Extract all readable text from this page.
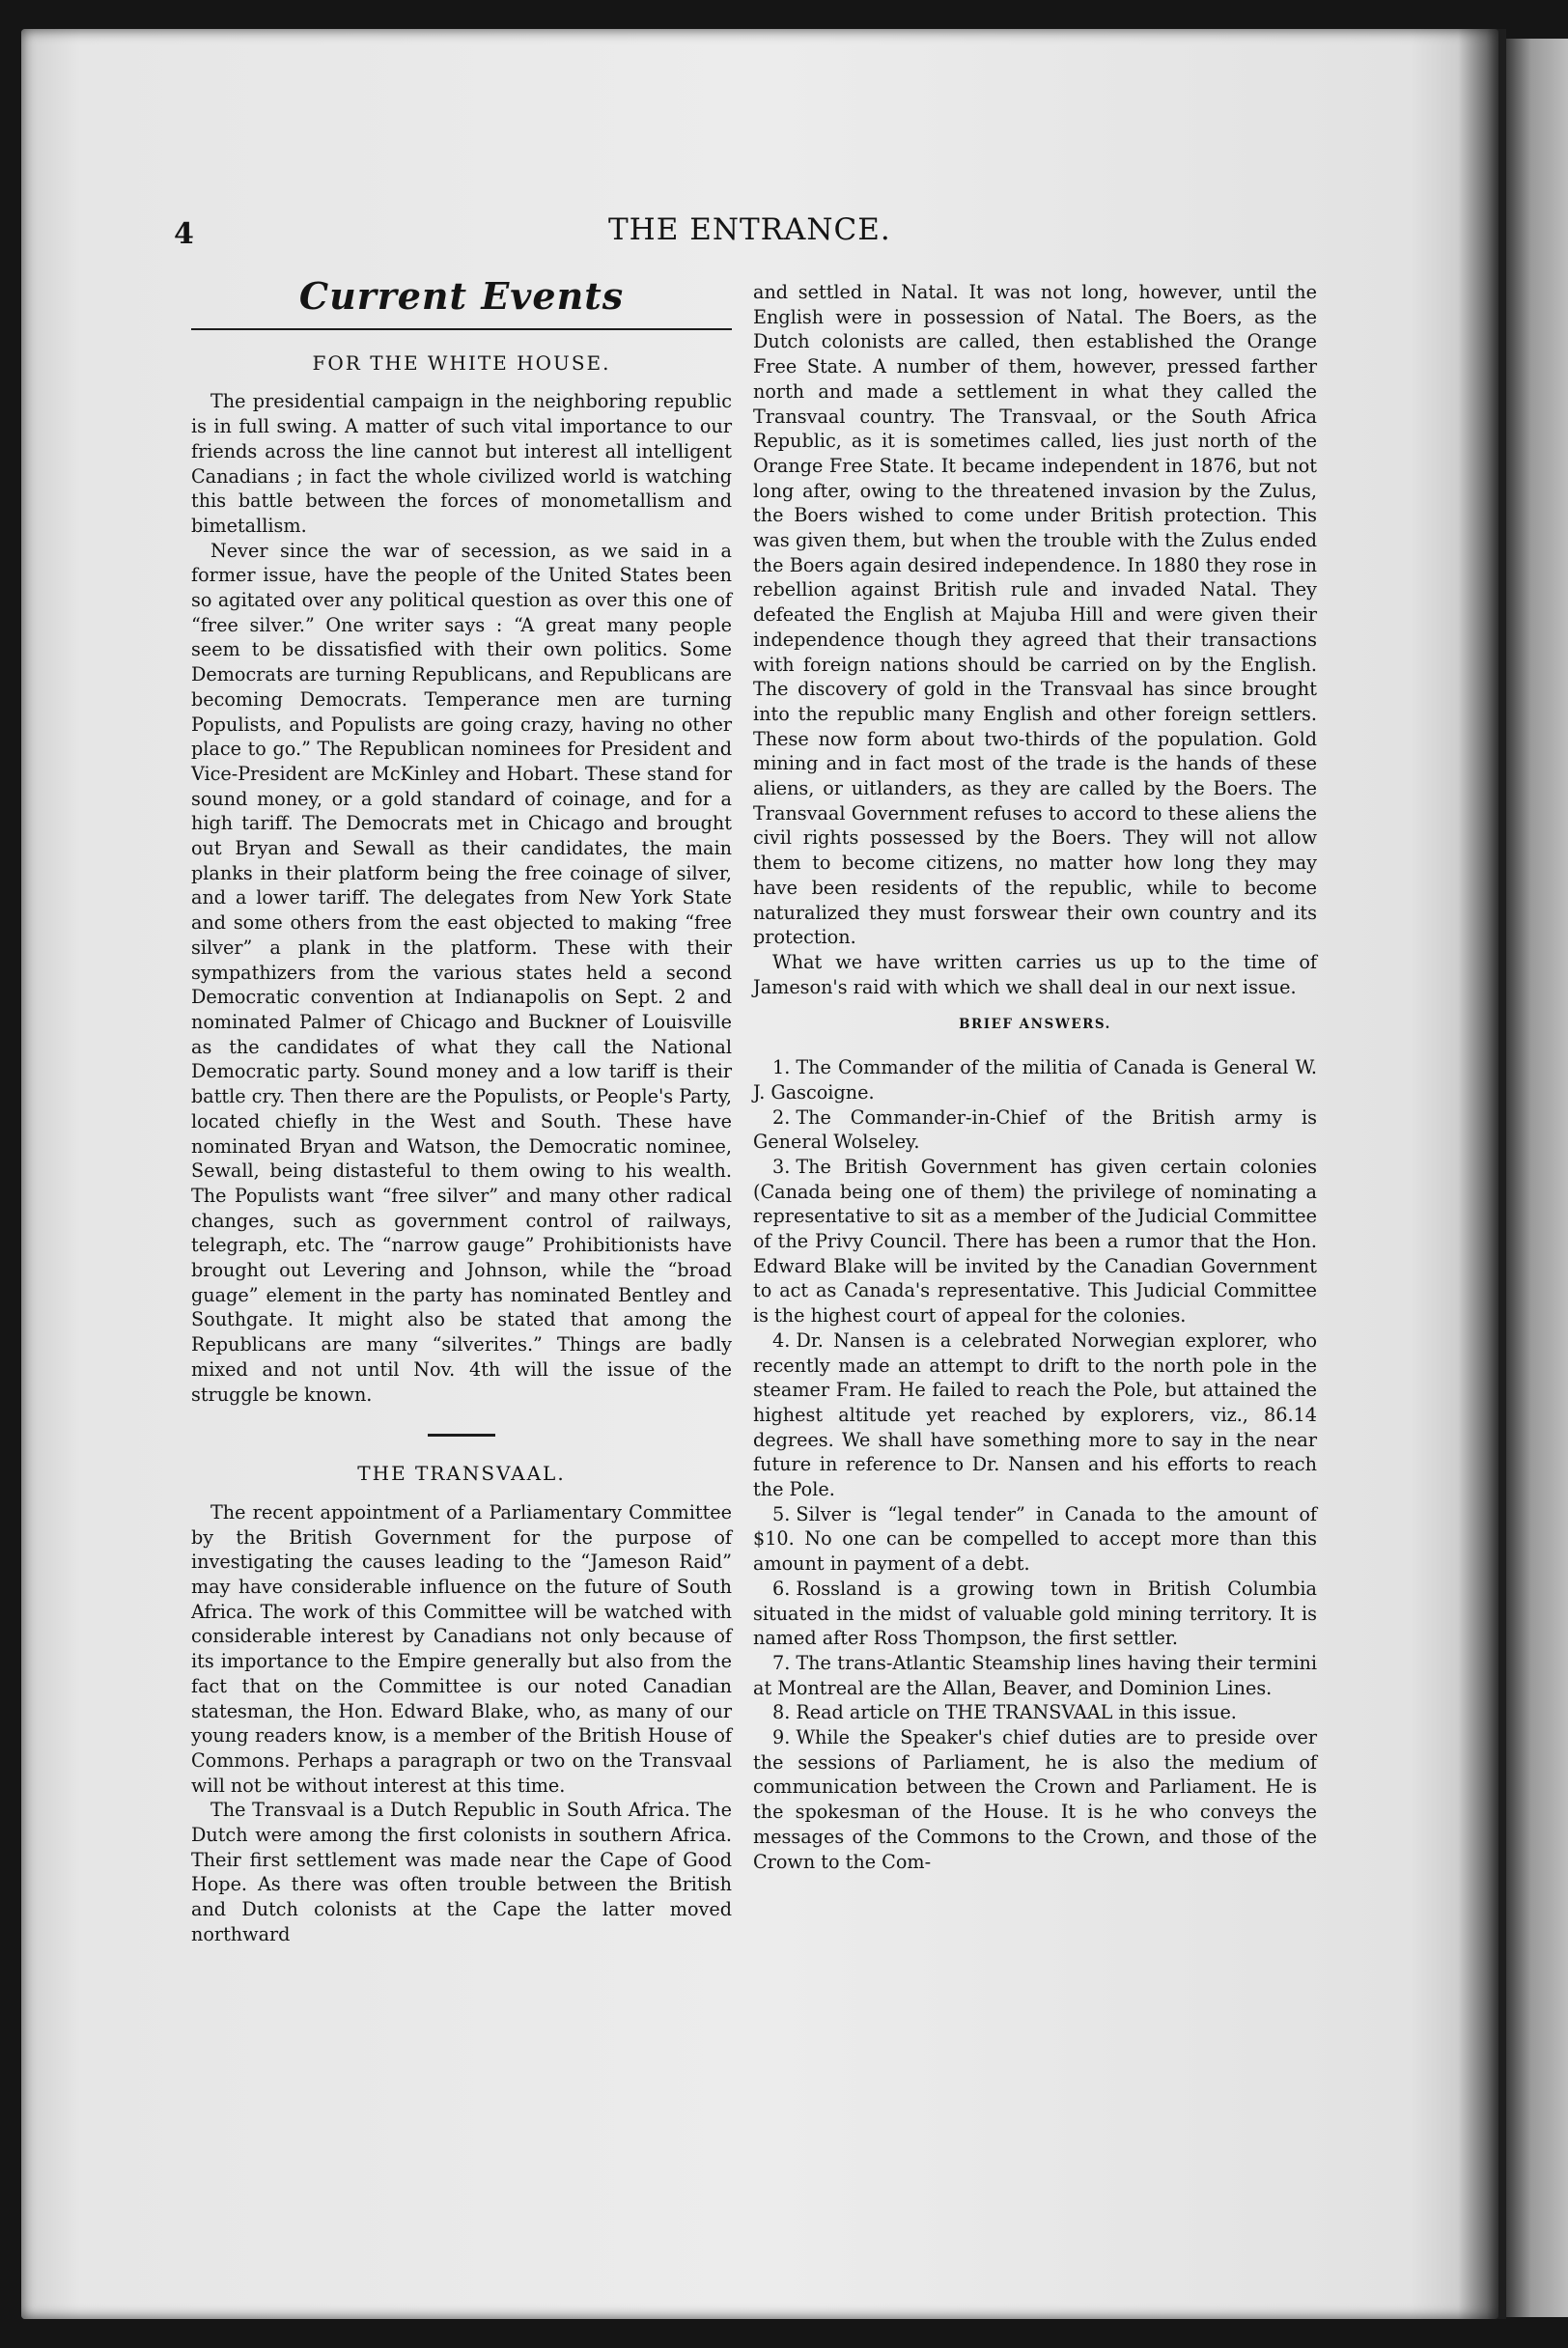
4	THE ENTRANCE.
Current Events
FOR THE WHITE HOUSE.

The presidential campaign in the neighboring republic is in full swing. A matter of such vital importance to our friends across the line cannot but interest all intelligent Canadians ; in fact the whole civilized world is watching this battle between the forces of monometallism and bimetallism.

Never since the war of secession, as we said in a former issue, have the people of the United States been so agitated over any political question as over this one of “free silver.” One writer says : “A great many people seem to be dissatisfied with their own politics. Some Democrats are turning Republicans, and Republicans are becoming Democrats. Temperance men are turning Populists, and Populists are going crazy, having no other place to go.” The Republican nominees for President and Vice-President are McKinley and Hobart. These stand for sound money, or a gold standard of coinage, and for a high tariff. The Democrats met in Chicago and brought out Bryan and Sewall as their candidates, the main planks in their platform being the free coinage of silver, and a lower tariff. The delegates from New York State and some others from the east objected to making “free silver” a plank in the platform. These with their sympathizers from the various states held a second Democratic convention at Indianapolis on Sept. 2 and nominated Palmer of Chicago and Buckner of Louisville as the candidates of what they call the National Democratic party. Sound money and a low tariff is their battle cry. Then there are the Populists, or People's Party, located chiefly in the West and South. These have nominated Bryan and Watson, the Democratic nominee, Sewall, being distasteful to them owing to his wealth. The Populists want “free silver” and many other radical changes, such as government control of railways, telegraph, etc. The “narrow gauge” Prohibitionists have brought out Levering and Johnson, while the “broad guage” element in the party has nominated Bentley and Southgate. It might also be stated that among the Republicans are many “silverites.” Things are badly mixed and not until Nov. 4th will the issue of the struggle be known.

THE TRANSVAAL.

The recent appointment of a Parliamentary Committee by the British Government for the purpose of investigating the causes leading to the “Jameson Raid” may have considerable influence on the future of South Africa. The work of this Committee will be watched with considerable interest by Canadians not only because of its importance to the Empire generally but also from the fact that on the Committee is our noted Canadian statesman, the Hon. Edward Blake, who, as many of our young readers know, is a member of the British House of Commons. Perhaps a paragraph or two on the Transvaal will not be without interest at this time.

The Transvaal is a Dutch Republic in South Africa. The Dutch were among the first colonists in southern Africa. Their first settlement was made near the Cape of Good Hope. As there was often trouble between the British and Dutch colonists at the Cape the latter moved northward

and settled in Natal. It was not long, however, until the English were in possession of Natal. The Boers, as the Dutch colonists are called, then established the Orange Free State. A number of them, however, pressed farther north and made a settlement in what they called the Transvaal country. The Transvaal, or the South Africa Republic, as it is sometimes called, lies just north of the Orange Free State. It became independent in 1876, but not long after, owing to the threatened invasion by the Zulus, the Boers wished to come under British protection. This was given them, but when the trouble with the Zulus ended the Boers again desired independence. In 1880 they rose in rebellion against British rule and invaded Natal. They defeated the English at Majuba Hill and were given their independence though they agreed that their transactions with foreign nations should be carried on by the English. The discovery of gold in the Transvaal has since brought into the republic many English and other foreign settlers. These now form about two-thirds of the population. Gold mining and in fact most of the trade is the hands of these aliens, or uitlanders, as they are called by the Boers. The Transvaal Government refuses to accord to these aliens the civil rights possessed by the Boers. They will not allow them to become citizens, no matter how long they may have been residents of the republic, while to become naturalized they must forswear their own country and its protection.

What we have written carries us up to the time of Jameson's raid with which we shall deal in our next issue.

BRIEF ANSWERS.
1. The Commander of the militia of Canada is General W. J. Gascoigne.
2. The Commander-in-Chief of the British army is General Wolseley.
3. The British Government has given certain colonies (Canada being one of them) the privilege of nominating a representative to sit as a member of the Judicial Committee of the Privy Council. There has been a rumor that the Hon. Edward Blake will be invited by the Canadian Government to act as Canada's representative. This Judicial Committee is the highest court of appeal for the colonies.
4. Dr. Nansen is a celebrated Norwegian explorer, who recently made an attempt to drift to the north pole in the steamer Fram. He failed to reach the Pole, but attained the highest altitude yet reached by explorers, viz., 86.14 degrees. We shall have something more to say in the near future in reference to Dr. Nansen and his efforts to reach the Pole.
5. Silver is “legal tender” in Canada to the amount of $10. No one can be compelled to accept more than this amount in payment of a debt.
6. Rossland is a growing town in British Columbia situated in the midst of valuable gold mining territory. It is named after Ross Thompson, the first settler.
7. The trans-Atlantic Steamship lines having their termini at Montreal are the Allan, Beaver, and Dominion Lines.
8. Read article on THE TRANSVAAL in this issue.
9. While the Speaker's chief duties are to preside over the sessions of Parliament, he is also the medium of communication between the Crown and Parliament. He is the spokesman of the House. It is he who conveys the messages of the Commons to the Crown, and those of the Crown to the Com-
